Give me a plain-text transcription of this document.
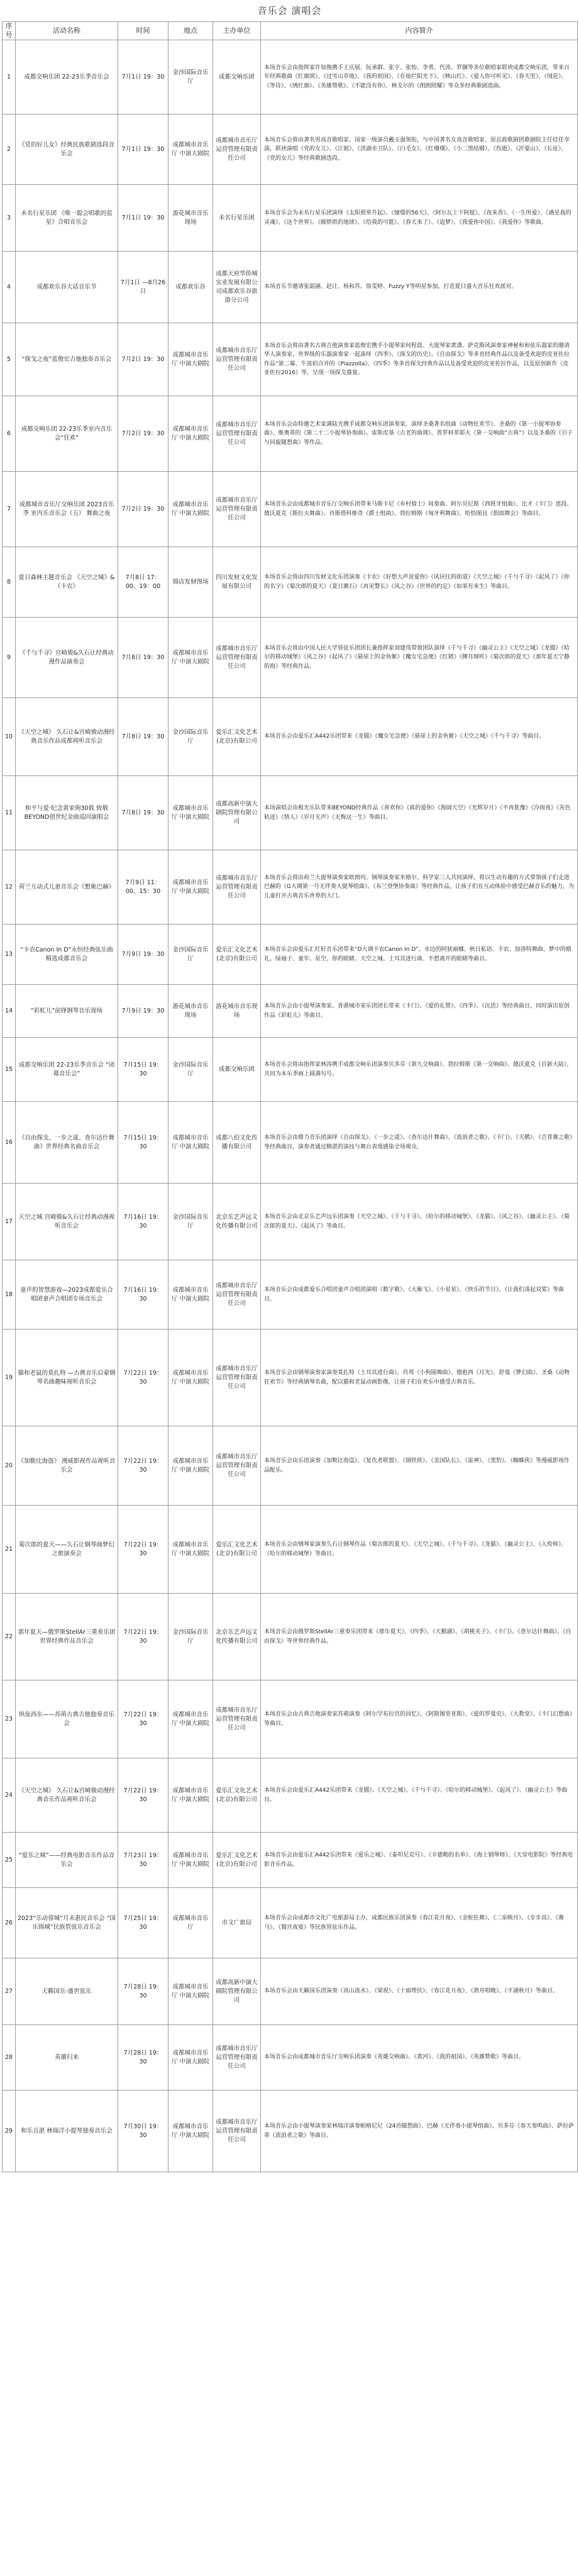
音乐会 演唱会
序号	活动名称	时间	地点	主办单位	内容简介
1	成都交响乐团 22-23乐季音乐会	7月1日 19：30	金沙国际音乐厅	成都交响乐团	本场音乐会由指挥家许知俊携手王庆展、阮承群、张宇、张怡、李勇、代涛、罗御等多位歌唱家联袂成都交响乐团，带来百年经典歌曲《红旗颂》、《过雪山草地》、《我的祖国》、《在灿烂阳光下》、《映山红》、《爱人你可听见》、《春天里》、《绒花》、《等待》、《绣红旗》、《英雄赞歌》、《不能没有你》，林戈尔的《朗朗照耀》等众多经典歌剧选曲。
2	《党的好儿女》经典民族歌剧选段音乐会	7月1日 19：30	成都城市音乐厅 中演大剧院	成都城市音乐厅运营管理有限责任公司	本场音乐会将由著名男高音歌唱家、国家一级演员戴玉强领衔，与中国著名女高音歌唱家、原总政歌剧团歌剧院主任挂任享演，联袂演唱《党的女儿》、《江姐》、《洪湖赤卫队》、《白毛女》、《红珊瑚》、《小二黑结婚》、《伤逝》、《沂蒙山》、《长征》、《党的女儿》等经典歌剧选段。
3	未名行星乐团 《唯一聪会唱歌的蓝星》合唱音乐会	7月1日 19：30	游花城市音乐现场	未名行星乐团	本场音乐会为未名行星乐团演绎《太阳照常升起》、《憧憬的56天》、《阿尔瓦上下阿提》、《夜来香》、《一生所爱》、《遇见我的灵魂》、《这个世界》、《暖烘烘的地球》、《给我的可能》、《春天来了》、《追梦》、《我爱你中国》、《我爱你》等歌曲。
4	成都欢乐谷大话音乐节	7月1日 —8月26日	成都欢乐谷	成都天府华侨城实业发展有限公司成都欢乐谷旅游分公司	本场音乐节邀请张韶涵、赵让、杨和苏、詹雯婷、Fuzzy Y等明星参加，打造夏日盛大音乐狂欢派对。
5	“探戈之夜”蓝俊宏吉他独奏音乐会	7月2日 19：30	成都城市音乐厅 中演大剧院	成都城市音乐厅运营管理有限责任公司	本场音乐会将由著名古典吉他演奏家蓝俊宏携手小提琴家何程晨、大提琴家黄潇、萨克斯风演奏家神秘和和弦乐器家的邀请华人演奏家、世界级的乐器演奏家一起演绎《四季》、《探戈的历史》、《自由探戈》等多首经典作品以及备受欢迎的皮亚佐拉作品“第二幕、牛波拍合并的《Piazzolla》、《四季》等多首探戈经典作品以及备受欢迎的皮亚佐拉作品，以及原创新作《皮亚佐拉2016》等，呈现一场探戈盛宴。
6	成都交响乐团 22-23乐季室内音乐会“狂欢”	7月2日 19：30	成都城市音乐厅 中演大剧院	成都城市音乐厅运营管理有限责任公司	本场音乐会由特邀艺术家满陆光携手成都交响乐团演奏家，演绎圣桑著名组曲《动物狂欢节》、圣桑的《第一小提琴协奏曲》、维奥蒂的《第二十二小提琴协奏曲》、雷斯皮基《古老的曲调》、普罗科菲耶夫《第一交响曲“古典”》以及圣桑的《引子与回旋随想曲》等作品。
7	成都城市音乐厅交响乐团 2023音乐季 室内乐音乐会（五） 舞曲之夜	7月2日 19：30	成都城市音乐厅 中演大剧院	成都城市音乐厅运营管理有限责任公司	本场音乐会由成都城市音乐厅交响乐团带来马斯卡尼《乡村骑士》间奏曲、阿尔贝尼斯《西班牙组曲》、比才《卡门》选段、德沃夏克《斯拉夫舞曲》、肖斯塔科维奇《爵士组曲》、勃拉姆斯《匈牙利舞曲》、哈恰图良《假面舞会》等曲目。
8	夏日森林主题音乐会 《天空之城》&《卡农》	7月8日 17：00、19：00	锦店发财图场	四川发财文化发展有限公司	本场音乐会将由四川发财文化乐团演奏《卡农》《好想大声说爱你》《风居住的街道》《天空之城》《千与千寻》《起风了》《你的名字》《菊次郎的夏天》《夏日漱石》《再见警长》《风之谷》《世界的约定》《如果有来生》等曲目。
9	《千与千寻》宫崎骏&久石让经典动漫作品演奏会	7月8日 19：30	成都城市音乐厅 中演大剧院	成都城市音乐厅运营管理有限责任公司	本场音乐会将由中国人民大学管弦乐团团长兼指挥家刘建伟带领团队演绎《千与千寻》《幽灵公主》《天空之城》《龙猫》《哈尔的移动城堡》《风之谷》《起风了》《悬崖上的金鱼姬》《魔女宅急便》《红猪》《侧耳倾听》《菊次郎的夏天》《那年夏天宁静的海》等经典作品。
10	《天空之城》 久石让&宫崎骏动漫经典音乐作品成都视听音乐会	7月8日 19：30	金沙国际音乐厅	爱乐汇文化艺术(北京)有限公司	本场音乐会由爱乐汇A442乐团带来《龙猫》《魔女宅急便》《悬崖上的金鱼姬》《天空之城》《千与千寻》等曲目。
11	和平与爱·纪念黄家驹30载 致敬BEYOND创世纪金曲巡回演唱会	7月8日 19：30	成都城市音乐厅 中演大剧院	成都高新中演大剧院管理有限公司	本场演唱会由极光乐队带来BEYOND经典作品《喜欢你》《真的爱你》《海阔天空》《光辉岁月》《不再犹豫》《冷雨夜》《灰色轨迹》《情人》《岁月无声》《无悔这一生》等曲目。
12	荷兰互动式儿童音乐会《想象巴赫》	7月9日 11：00、15：30	成都城市音乐厅 中演大剧院	成都城市音乐厅运营管理有限责任公司	本场音乐会将由荷兰大提琴演奏家欧朗玛、钢琴演奏家米格尔、科学家三人共同演绎，将以生动有趣的方式带领孩子们走进巴赫的《G大调第一号无伴奏大提琴组曲》、《布兰登堡协奏曲》等经典作品，让孩子们在互动体验中感受巴赫音乐的魅力，为儿童打开古典音乐世界的大门。
13	“卡农Canon In D”永恒经典弦乐曲精选成都音乐会	7月9日 19：30	金沙国际音乐厅	爱乐汇文化艺术(北京)有限公司	本场音乐会由爱乐汇红轩音乐团带来“D大调卡农Canon In D”、水边的阿狄丽娜、秋日私语、卡农、加洛特舞曲、梦中的婚礼、绿袖子、童年、星空、你的眼睛、天空之城、土耳其进行曲、不想离开的眼睛等曲目。
14	“彩虹儿”前锋钢琴音乐现场	7月9日 19：30	游花城市音乐现场	游花城市音乐现场	本场音乐会由小提琴演奏家、香港城市室乐团团长带来《卡门》、《爱的礼赞》、《四季》、《沉思》等经典曲目，同时演出原创作品《彩虹儿》等曲目。
15	成都交响乐团 22-23乐季音乐会 “闭幕音乐会”	7月15日 19：30	金沙国际音乐厅	成都交响乐团	本场音乐会将由指挥家林涛携手成都交响乐团演奏贝多芬《第九交响曲》、勃拉姆斯《第一交响曲》、德沃夏克《自新大陆》，共同为本乐季画上圆满句号。
16	《自由探戈、一步之遥、查尔达什舞曲》世界经典名曲音乐会	7月15日 19：30	成都城市音乐厅 中演大剧院	成都八佰文化传播有限公司	本场音乐会由鼎力音乐团演绎《自由探戈》、《一步之遥》、《查尔达什舞曲》、《流浪者之歌》、《卡门》、《天鹅》、《吉普赛之歌》等经典曲目，演奏者通过精湛的演技与舞台表现感染全场观众。
17	天空之城 宫崎骏&久石让经典动漫视听音乐会	7月16日 19：30	金沙国际音乐厅	北京乐艺声远文化传播有限公司	本场音乐会由北京乐艺声远乐团演奏《天空之城》、《千与千寻》、《哈尔的移动城堡》、《龙猫》、《风之谷》、《幽灵公主》、《菊次郎的夏天》、《起风了》等曲目。
18	童声的智慧游戏—2023成都爱乐合唱团童声合唱团专场音乐会	7月16日 19：30	成都城市音乐厅 中演大剧院	成都城市音乐厅运营管理有限责任公司	本场音乐会由成都爱乐合唱团童声合唱团演唱《数字歌》、《大雁飞》、《小星星》、《快乐的节日》、《让我们荡起双桨》等曲目。
19	猫和老鼠的莫扎特 —古典音乐启蒙钢琴名曲趣味视听音乐会	7月22日 19：30	成都城市音乐厅 中演大剧院	成都城市音乐厅运营管理有限责任公司	本场音乐会由钢琴演奏家演奏莫扎特《土耳其进行曲》、肖邦《小狗圆舞曲》、德彪西《月光》、舒曼《梦幻曲》、圣桑《动物狂欢节》等经典钢琴名曲，配以猫和老鼠动画影像，让孩子们在欢乐中感受古典音乐。
20	《加勒比海盗》 漫威影视作品视听音乐会	7月22日 19：30	成都城市音乐厅 中演大剧院	成都城市音乐厅运营管理有限责任公司	本场音乐会由乐团演奏《加勒比海盗》、《复仇者联盟》、《钢铁侠》、《美国队长》、《雷神》、《黑豹》、《蜘蛛侠》等漫威影视作品配乐。
21	菊次郎的夏天——久石让钢琴曲梦幻之旅演奏会	7月22日 19：30	成都城市音乐厅 中演大剧院	爱乐汇文化艺术(北京)有限公司	本场音乐会由钢琴家演奏久石让钢琴作品《菊次郎的夏天》、《天空之城》、《千与千寻》、《龙猫》、《幽灵公主》、《入殓师》、《哈尔的移动城堡》等曲目。
22	那年夏天—俄罗斯StellAr三重奏乐团世界经典作品音乐会	7月22日 19：30	金沙国际音乐厅	北京乐艺声远文化传播有限公司	本场音乐会由俄罗斯StellAr三重奏乐团带来《那年夏天》、《四季》、《天鹅湖》、《胡桃夹子》、《卡门》、《查尔达什舞曲》、《自由探戈》等世界经典作品。
23	纵弦西东——苏萌古典吉他独奏音乐会	7月22日 19：30	成都城市音乐厅 中演大剧院	成都城市音乐厅运营管理有限责任公司	本场音乐会由古典吉他演奏家苏萌演奏《阿尔罕布拉宫的回忆》、《阿斯图里亚斯》、《爱的罗曼史》、《大教堂》、《卡门幻想曲》等曲目。
24	《天空之城》 久石让&宫崎骏动漫经典音乐作品视听音乐会	7月22日 19：30	成都城市音乐厅 中演大剧院	爱乐汇文化艺术(北京)有限公司	本场音乐会由爱乐汇A442乐团带来《龙猫》、《天空之城》、《千与千寻》、《哈尔的移动城堡》、《起风了》、《幽灵公主》等曲目。
25	“爱乐之城”——经典电影音乐作品音乐会	7月23日 19：30	成都城市音乐厅 中演大剧院	爱乐汇文化艺术(北京)有限公司	本场音乐会由爱乐汇A442乐团带来《爱乐之城》、《泰坦尼克号》、《辛德勒的名单》、《海上钢琴师》、《天堂电影院》等经典电影音乐作品。
26	2023“乐动蓉城”月末惠民音乐会 “国乐锦城”民族管弦乐音乐会	7月25日 19：30	成都城市音乐厅	市文广旅局	本场音乐会由成都市文化广电旅游局主办，成都民族乐团演奏《春江花月夜》、《金蛇狂舞》、《二泉映月》、《步步高》、《赛马》、《蜀宫夜宴》等民族管弦乐作品。
27	天籁国乐·盛世弦乐	7月28日 19：30	成都城市音乐厅 中演大剧院	成都高新中演大剧院管理有限公司	本场音乐会由天籁国乐团演奏《高山流水》、《梁祝》、《十面埋伏》、《春江花月夜》、《渔舟唱晚》、《平湖秋月》等曲目。
28	英雄归来	7月28日 19：30	成都城市音乐厅 中演大剧院	成都城市音乐厅运营管理有限责任公司	本场音乐会由成都城市音乐厅交响乐团演奏《英雄交响曲》、《黄河》、《我的祖国》、《英雄赞歌》等曲目。
29	和乐且湛 林瑞洋小提琴独奏音乐会	7月30日 19：30	成都城市音乐厅 中演大剧院	成都城市音乐厅运营管理有限责任公司	本场音乐会由小提琴演奏家林瑞洋演奏帕格尼尼《24首随想曲》、巴赫《无伴奏小提琴组曲》、贝多芬《春天奏鸣曲》、萨拉萨蒂《流浪者之歌》等曲目。
